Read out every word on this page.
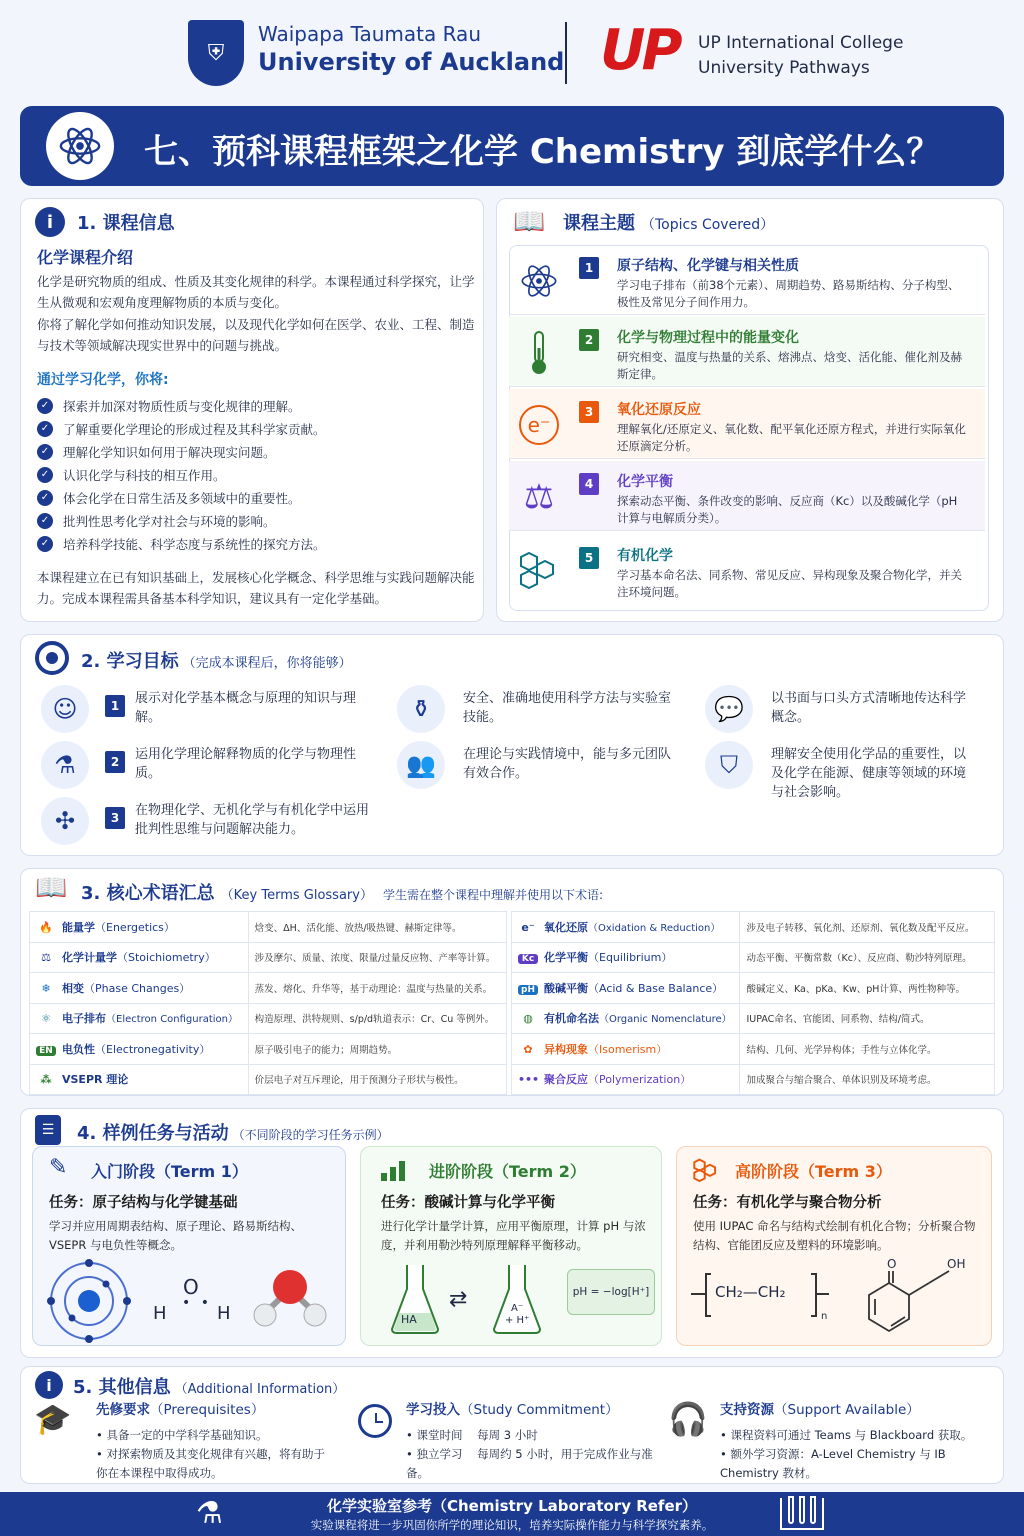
⛨
Waipapa Taumata Rau
University of Auckland UP UP International College
University Pathways
七、预科课程框架之化学 Chemistry 到底学什么？
i	1. 课程信息
化学课程介绍
化学是研究物质的组成、性质及其变化规律的科学。本课程通过科学探究，让学生从微观和宏观角度理解物质的本质与变化。
你将了解化学如何推动知识发展，以及现代化学如何在医学、农业、工程、制造与技术等领域解决现实世界中的问题与挑战。
通过学习化学，你将:
✓	探索并加深对物质性质与变化规律的理解。
✓	了解重要化学理论的形成过程及其科学家贡献。
✓	理解化学知识如何用于解决现实问题。
✓	认识化学与科技的相互作用。
✓	体会化学在日常生活及多领域中的重要性。
✓	批判性思考化学对社会与环境的影响。
✓	培养科学技能、科学态度与系统性的探究方法。
本课程建立在已有知识基础上，发展核心化学概念、科学思维与实践问题解决能力。完成本课程需具备基本科学知识，建议具有一定化学基础。
📖 课程主题 （Topics Covered）
1	原子结构、化学键与相关性质
学习电子排布（前38个元素）、周期趋势、路易斯结构、分子构型、极性及常见分子间作用力。
2	化学与物理过程中的能量变化
研究相变、温度与热量的关系、熔沸点、焓变、活化能、催化剂及赫斯定律。
e⁻
3	氧化还原反应
理解氧化/还原定义、氧化数、配平氧化还原方程式，并进行实际氧化还原滴定分析。
⚖	4	化学平衡
探索动态平衡、条件改变的影响、反应商（Kc）以及酸碱化学（pH计算与电解质分类）。
5	有机化学
学习基本命名法、同系物、常见反应、异构现象及聚合物化学，并关注环境问题。
2. 学习目标 （完成本课程后，你将能够）
☺	1	展示对化学基本概念与原理的知识与理解。
⚗	2	运用化学理论解释物质的化学与物理性质。
✣	3	在物理化学、无机化学与有机化学中运用批判性思维与问题解决能力。
⚱	安全、准确地使用科学方法与实验室技能。
👥	在理论与实践情境中，能与多元团队有效合作。
💬	以书面与口头方式清晰地传达科学概念。
⛉	理解安全使用化学品的重要性，以及化学在能源、健康等领域的环境与社会影响。
📖 3. 核心术语汇总 （Key Terms Glossary） 学生需在整个课程中理解并使用以下术语:
🔥 能量学（Energetics）	焓变、ΔH、活化能、放热/吸热键、赫斯定律等。
⚖ 化学计量学（Stoichiometry）	涉及摩尔、质量、浓度、限量/过量反应物、产率等计算。
❄ 相变（Phase Changes）	蒸发、熔化、升华等，基于动理论：温度与热量的关系。
⚛ 电子排布（Electron Configuration）	构造原理、洪特规则、s/p/d轨道表示：Cr、Cu 等例外。
EN 电负性（Electronegativity）	原子吸引电子的能力；周期趋势。
⁂ VSEPR 理论	价层电子对互斥理论，用于预测分子形状与极性。
e⁻ 氧化还原（Oxidation & Reduction）	涉及电子转移、氧化剂、还原剂、氧化数及配平反应。
Kc 化学平衡（Equilibrium）	动态平衡、平衡常数（Kc）、反应商、勒沙特列原理。
pH 酸碱平衡（Acid & Base Balance）	酸碱定义、Ka、pKa、Kw、pH计算、两性物种等。
◍ 有机命名法（Organic Nomenclature）	IUPAC命名、官能团、同系物、结构/简式。
✿ 异构现象（Isomerism）	结构、几何、光学异构体；手性与立体化学。
••• 聚合反应（Polymerization）	加成聚合与缩合聚合、单体识别及环境考虑。
☰	4. 样例任务与活动 （不同阶段的学习任务示例）
✎ 入门阶段（Term 1）
任务：原子结构与化学键基础
学习并应用周期表结构、原子理论、路易斯结构、VSEPR 与电负性等概念。
O
H	H
• •
进阶阶段（Term 2）
任务：酸碱计算与化学平衡
进行化学计量学计算，应用平衡原理，计算 pH 与浓度，并利用勒沙特列原理解释平衡移动。
HA
⇄	A⁻
+ H⁺
pH = −log[H⁺]
高阶阶段（Term 3）
任务：有机化学与聚合物分析
使用 IUPAC 命名与结构式绘制有机化合物；分析聚合物结构、官能团反应及塑料的环境影响。
CH₂—CH₂
n
O	OH
i	5. 其他信息 （Additional Information）
🎓 先修要求（Prerequisites）
• 具备一定的中学科学基础知识。
• 对探索物质及其变化规律有兴趣，将有助于你在本课程中取得成功。
学习投入（Study Commitment）
• 课堂时间    每周 3 小时
• 独立学习    每周约 5 小时，用于完成作业与准备。
🎧 支持资源（Support Available）
• 课程资料可通过 Teams 与 Blackboard 获取。
• 额外学习资源：A-Level Chemistry 与 IB Chemistry 教材。
⚗	化学实验室参考（Chemistry Laboratory Refer）
实验课程将进一步巩固你所学的理论知识，培养实际操作能力与科学探究素养。
